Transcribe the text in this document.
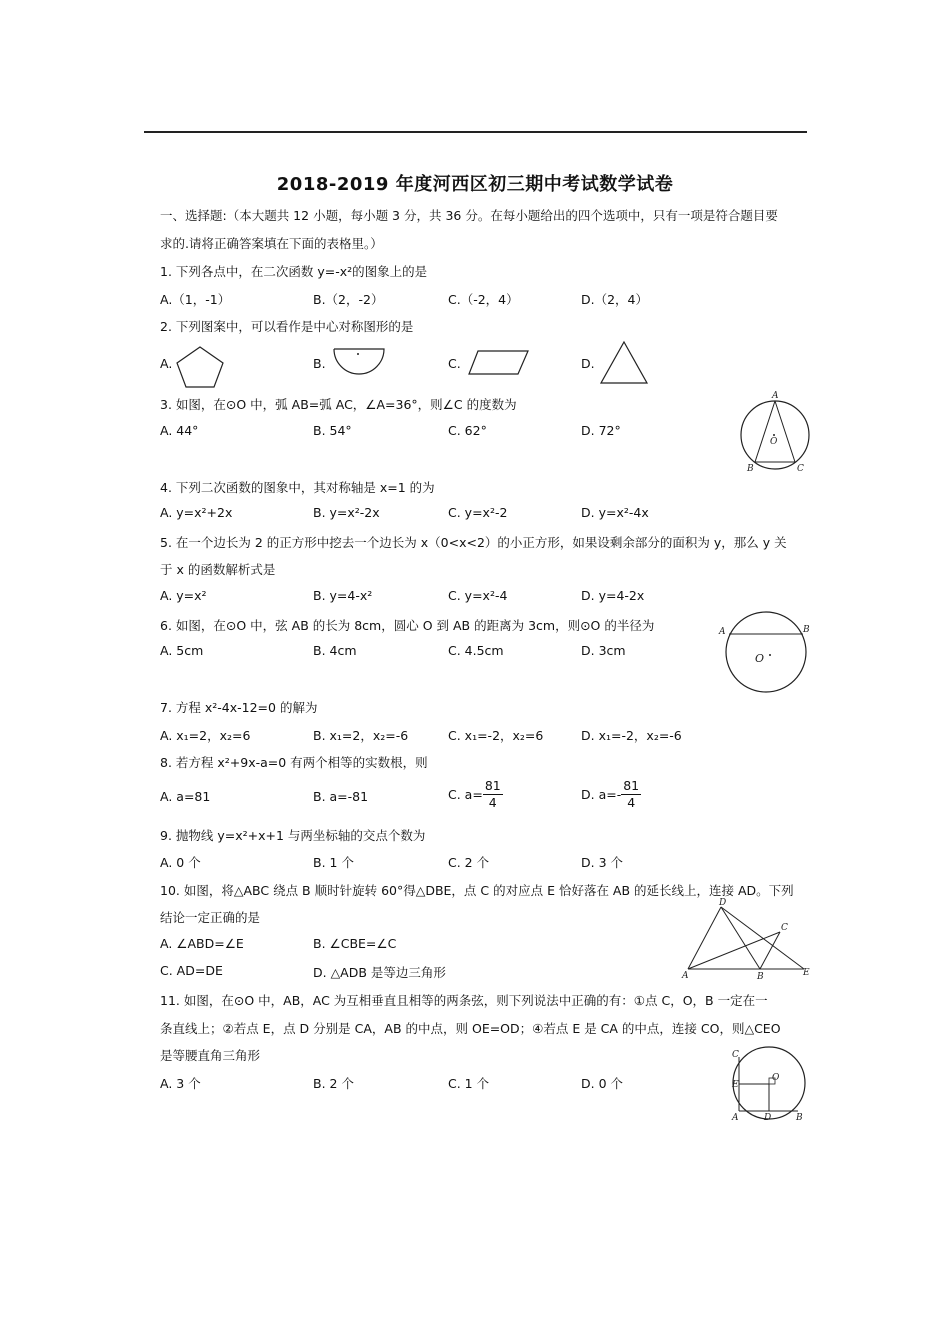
2018-2019 年度河西区初三期中考试数学试卷
一、选择题:（本大题共 12 小题，每小题 3 分，共 36 分。在每小题给出的四个选项中，只有一项是符合题目要
求的.请将正确答案填在下面的表格里。）
1. 下列各点中，在二次函数 y=-x²的图象上的是
A.（1，-1）	B.（2，-2）	C.（-2，4）	D.（2，4）
2. 下列图案中，可以看作是中心对称图形的是
A.	B.	C.	D.
3. 如图，在⊙O 中，弧 AB=弧 AC，∠A=36°，则∠C 的度数为
A. 44°	B. 54°	C. 62°	D. 72°
A
B	C
O
4. 下列二次函数的图象中，其对称轴是 x=1 的为
A. y=x²+2x	B. y=x²-2x	C. y=x²-2	D. y=x²-4x
5. 在一个边长为 2 的正方形中挖去一个边长为 x（0<x<2）的小正方形，如果设剩余部分的面积为 y，那么 y 关
于 x 的函数解析式是
A. y=x²	B. y=4-x²	C. y=x²-4	D. y=4-2x
6. 如图，在⊙O 中，弦 AB 的长为 8cm，圆心 O 到 AB 的距离为 3cm，则⊙O 的半径为
A. 5cm	B. 4cm	C. 4.5cm	D. 3cm
A	B
O
7. 方程 x²-4x-12=0 的解为
A. x₁=2，x₂=6	B. x₁=2，x₂=-6	C. x₁=-2，x₂=6	D. x₁=-2，x₂=-6
8. 若方程 x²+9x-a=0 有两个相等的实数根，则
A. a=81	B. a=-81	C. $a= \frac{81}{4}$	D. $a=- \frac{81}{4}$
9. 抛物线 y=x²+x+1 与两坐标轴的交点个数为
A. 0 个	B. 1 个	C. 2 个	D. 3 个
10. 如图，将△ABC 绕点 B 顺时针旋转 60°得△DBE，点 C 的对应点 E 恰好落在 AB 的延长线上，连接 AD。下列
结论一定正确的是
A. ∠ABD=∠E	B. ∠CBE=∠C
C. AD=DE	D. △ADB 是等边三角形
D
C
A	B	E
11. 如图，在⊙O 中，AB，AC 为互相垂直且相等的两条弦，则下列说法中正确的有：①点 C，O，B 一定在一
条直线上；②若点 E，点 D 分别是 CA，AB 的中点，则 OE=OD；④若点 E 是 CA 的中点，连接 CO，则△CEO
是等腰直角三角形
A. 3 个	B. 2 个	C. 1 个	D. 0 个
C
E
O
A	D	B
